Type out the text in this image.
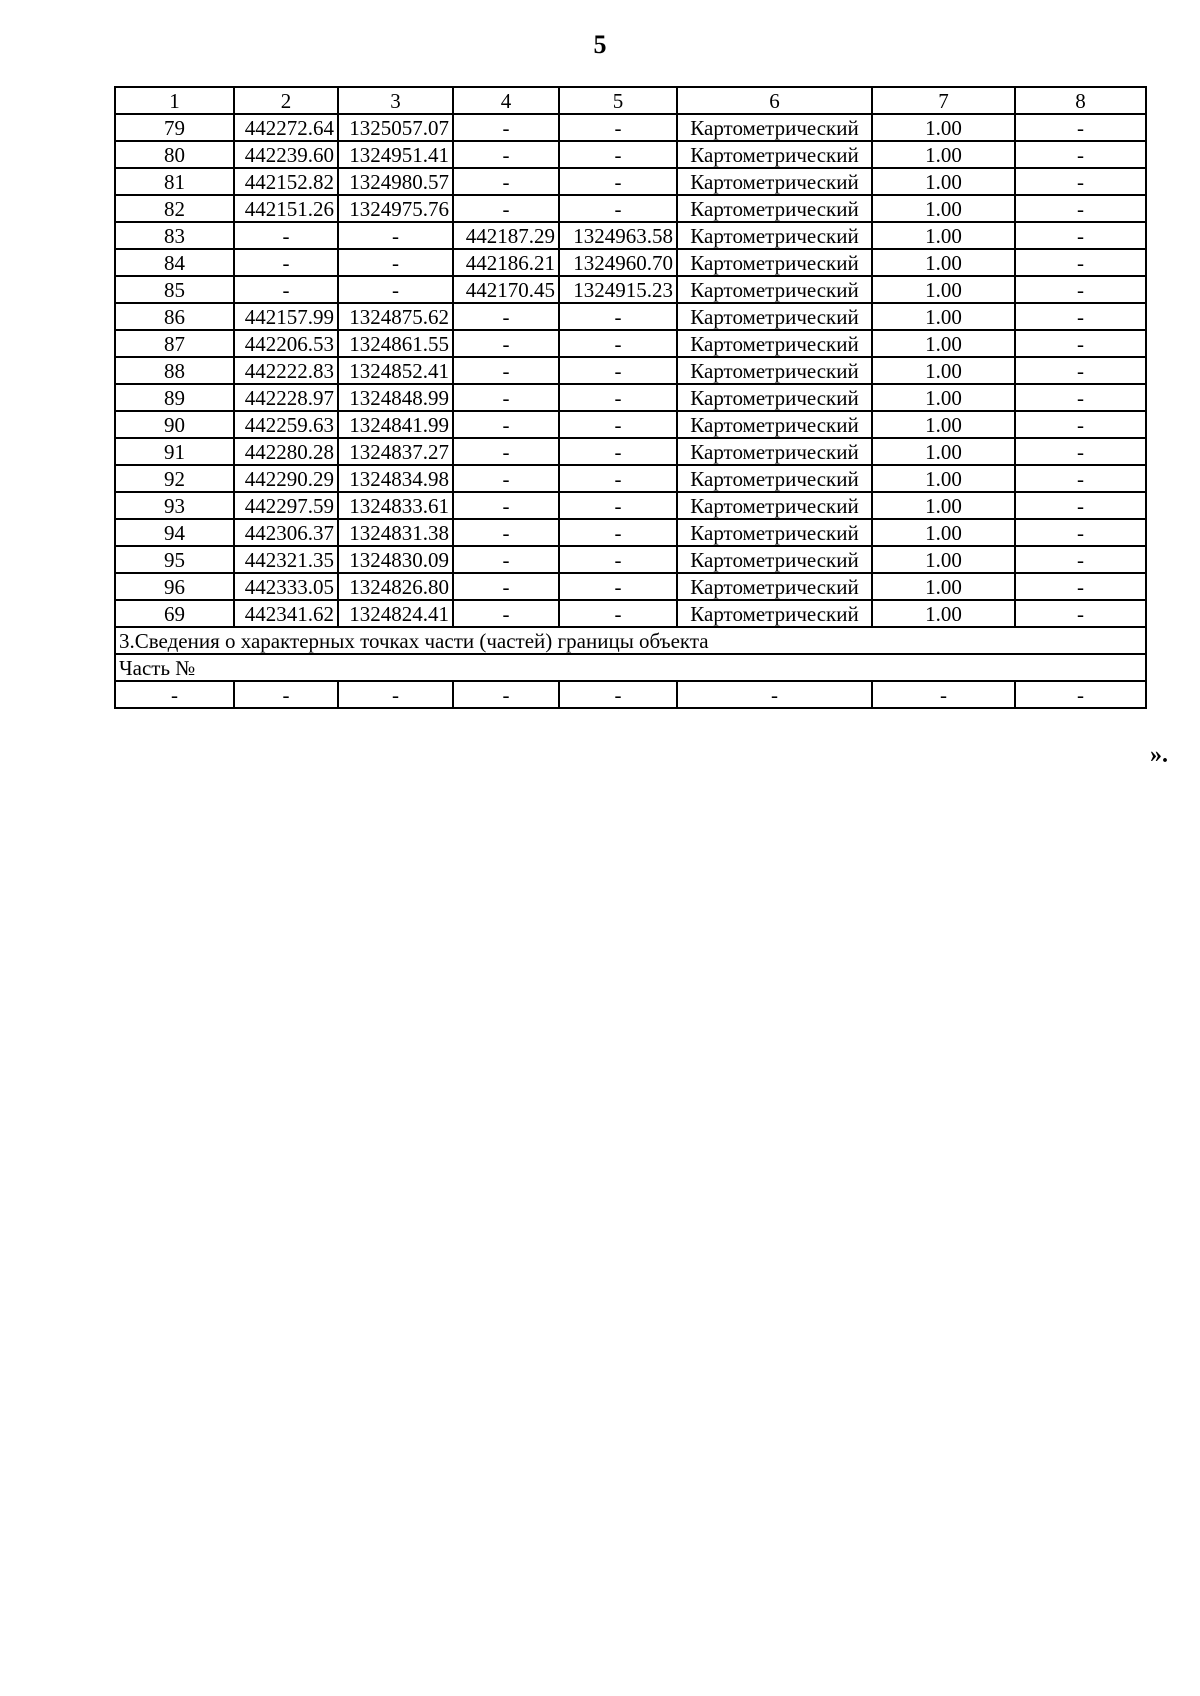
5
1	2	3	4	5	6	7	8
79	442272.64	1325057.07	-	-	Картометрический	1.00	-
80	442239.60	1324951.41	-	-	Картометрический	1.00	-
81	442152.82	1324980.57	-	-	Картометрический	1.00	-
82	442151.26	1324975.76	-	-	Картометрический	1.00	-
83	-	-	442187.29	1324963.58	Картометрический	1.00	-
84	-	-	442186.21	1324960.70	Картометрический	1.00	-
85	-	-	442170.45	1324915.23	Картометрический	1.00	-
86	442157.99	1324875.62	-	-	Картометрический	1.00	-
87	442206.53	1324861.55	-	-	Картометрический	1.00	-
88	442222.83	1324852.41	-	-	Картометрический	1.00	-
89	442228.97	1324848.99	-	-	Картометрический	1.00	-
90	442259.63	1324841.99	-	-	Картометрический	1.00	-
91	442280.28	1324837.27	-	-	Картометрический	1.00	-
92	442290.29	1324834.98	-	-	Картометрический	1.00	-
93	442297.59	1324833.61	-	-	Картометрический	1.00	-
94	442306.37	1324831.38	-	-	Картометрический	1.00	-
95	442321.35	1324830.09	-	-	Картометрический	1.00	-
96	442333.05	1324826.80	-	-	Картометрический	1.00	-
69	442341.62	1324824.41	-	-	Картометрический	1.00	-
3.Сведения о характерных точках части (частей) границы объекта							
Часть №							
-	-	-	-	-	-	-	-
».
